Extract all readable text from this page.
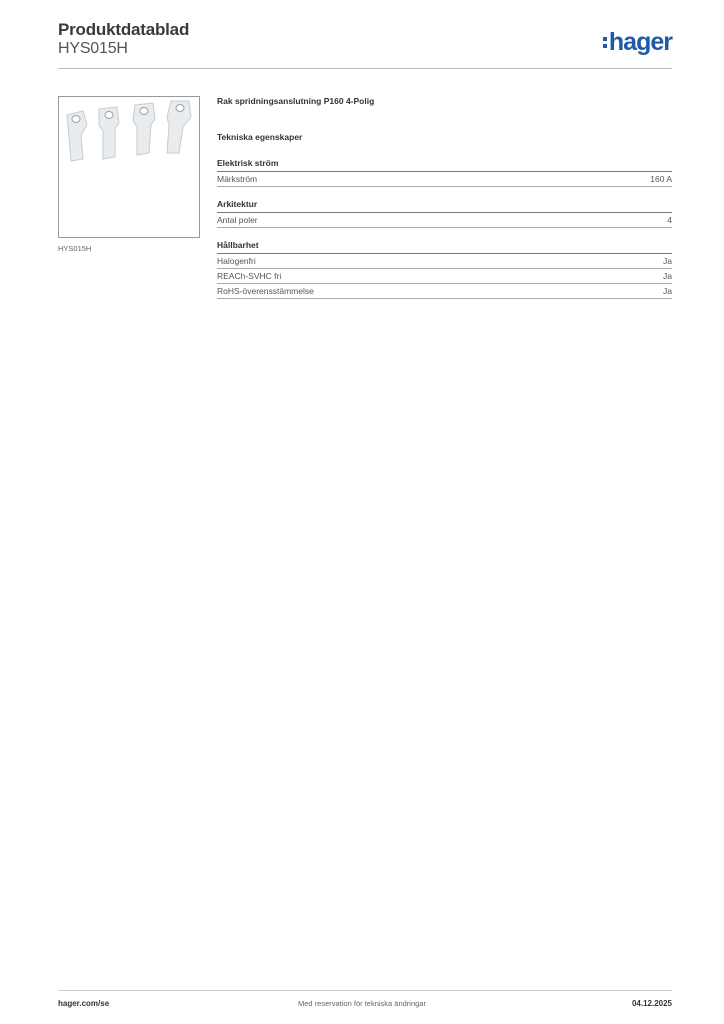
Produktdatablad
HYS015H	hager
HYS015H
Rak spridningsanslutning P160 4-Polig
Tekniska egenskaper
Elektrisk ström
Märkström	160 A
Arkitektur
Antal poler	4
Hållbarhet
Halogenfri	Ja
REACh-SVHC fri	Ja
RoHS-överensstämmelse	Ja
hager.com/se	Med reservation för tekniska ändringar	04.12.2025
